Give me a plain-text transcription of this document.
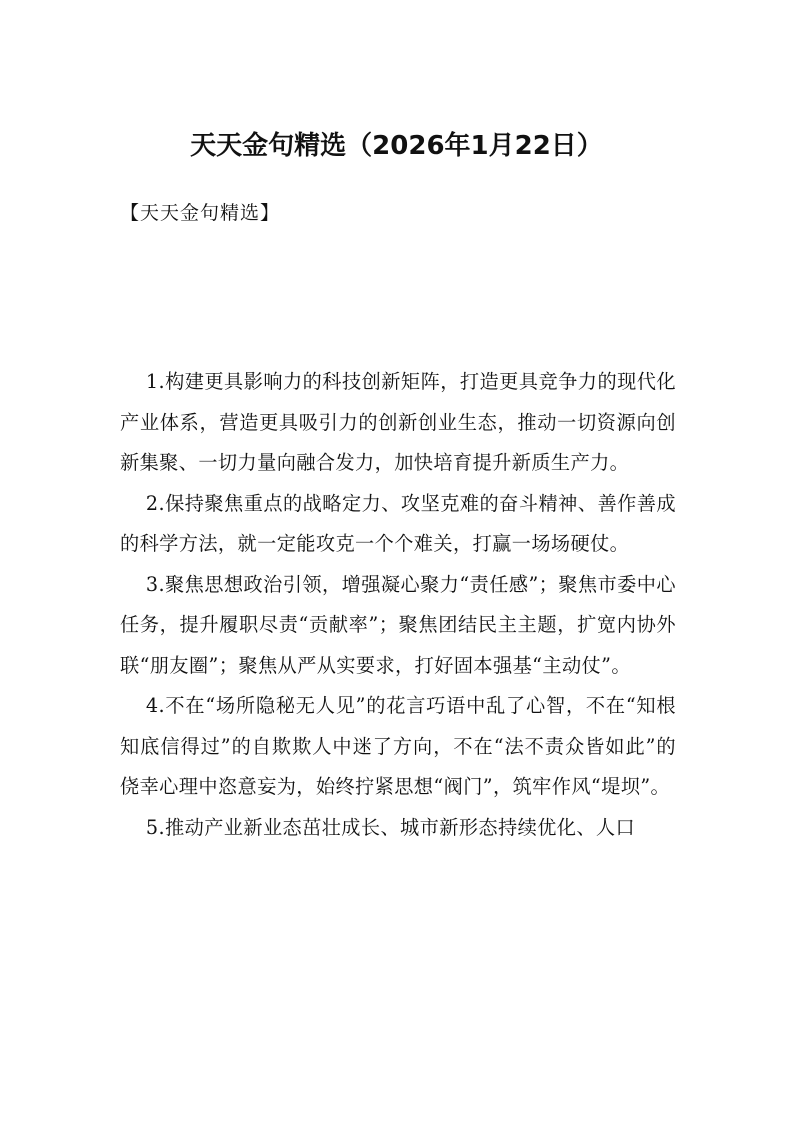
天天金句精选（2026年1月22日）
【天天金句精选】

1.构建更具影响力的科技创新矩阵，打造更具竞争力的现代化产业体系，营造更具吸引力的创新创业生态，推动一切资源向创新集聚、一切力量向融合发力，加快培育提升新质生产力。

2.保持聚焦重点的战略定力、攻坚克难的奋斗精神、善作善成的科学方法，就一定能攻克一个个难关，打赢一场场硬仗。

3.聚焦思想政治引领，增强凝心聚力“责任感”；聚焦市委中心任务，提升履职尽责“贡献率”；聚焦团结民主主题，扩宽内协外联“朋友圈”；聚焦从严从实要求，打好固本强基“主动仗”。

4.不在“场所隐秘无人见”的花言巧语中乱了心智，不在“知根知底信得过”的自欺欺人中迷了方向，不在“法不责众皆如此”的侥幸心理中恣意妄为，始终拧紧思想“阀门”，筑牢作风“堤坝”。

5.推动产业新业态茁壮成长、城市新形态持续优化、人口
